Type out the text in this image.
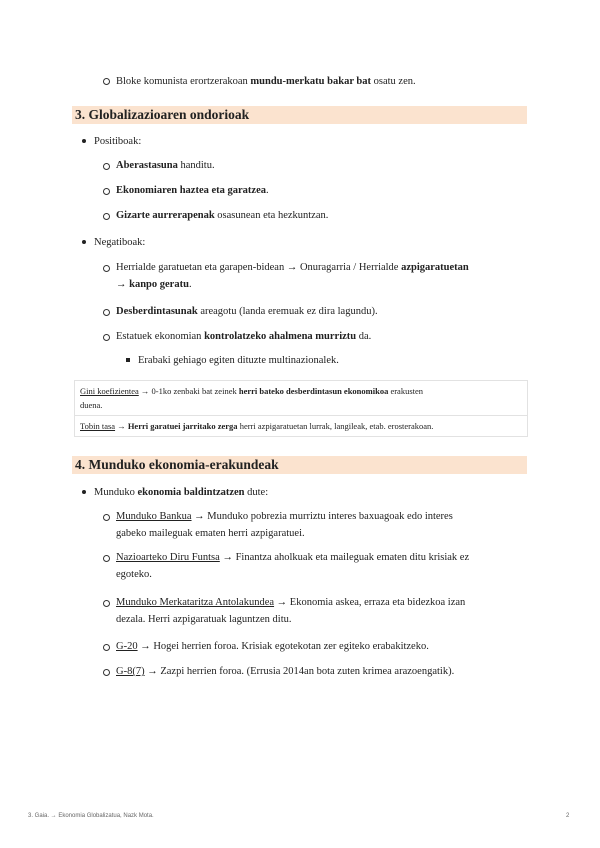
Bloke komunista erortzerakoan mundu-merkatu bakar bat osatu zen.
3. Globalizazioaren ondorioak
Positiboak:
Aberastasuna handitu.
Ekonomiaren haztea eta garatzea.
Gizarte aurrerapenak osasunean eta hezkuntzan.
Negatiboak:
Herrialde garatuetan eta garapen-bidean → Onuragarria / Herrialde azpigaratuetan
→ kanpo geratu.
Desberdintasunak areagotu (landa eremuak ez dira lagundu).
Estatuek ekonomian kontrolatzeko ahalmena murriztu da.
Erabaki gehiago egiten dituzte multinazionalek.
Gini koefizientea → 0-1ko zenbaki bat zeinek herri bateko desberdintasun ekonomikoa erakusten
duena.
Tobin tasa → Herri garatuei jarritako zerga herri azpigaratuetan lurrak, langileak, etab. erosterakoan.
4. Munduko ekonomia-erakundeak
Munduko ekonomia baldintzatzen dute:
Munduko Bankua → Munduko pobrezia murriztu interes baxuagoak edo interes
gabeko maileguak ematen herri azpigaratuei.
Nazioarteko Diru Funtsa → Finantza aholkuak eta maileguak ematen ditu krisiak ez
egoteko.
Munduko Merkataritza Antolakundea → Ekonomia askea, erraza eta bidezkoa izan
dezala. Herri azpigaratuak laguntzen ditu.
G-20 → Hogei herrien foroa. Krisiak egotekotan zer egiteko erabakitzeko.
G-8(7) → Zazpi herrien foroa. (Errusia 2014an bota zuten krimea arazoengatik).
3. Gaia. → Ekonomia Globalizatua, Nazk Mota.	2
